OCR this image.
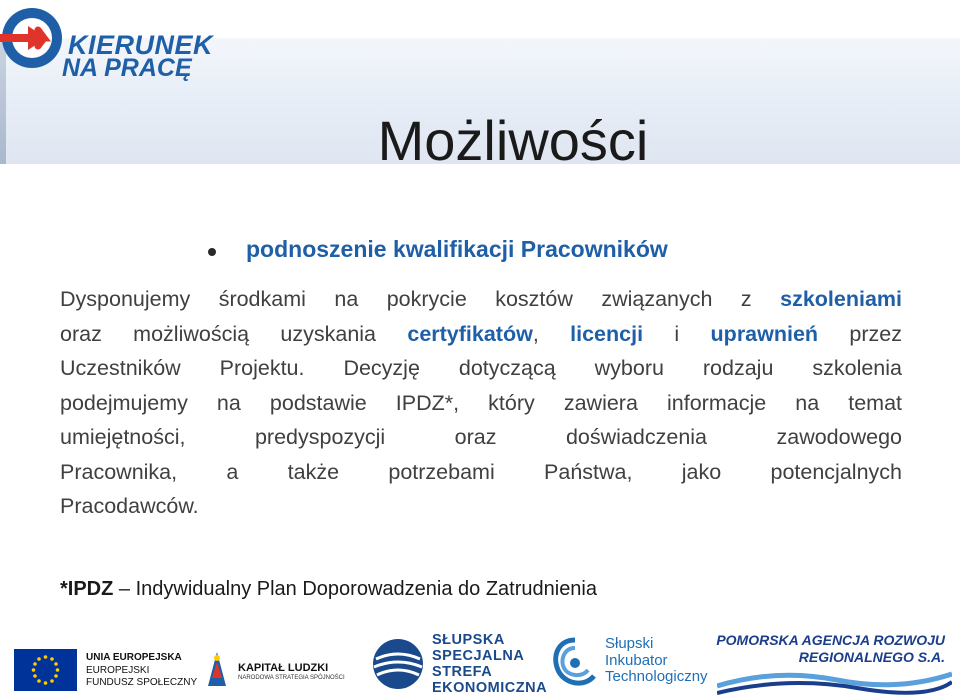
KIERUNEK
NA PRACĘ
Możliwości
podnoszenie kwalifikacji Pracowników
Dysponujemy środkami na pokrycie kosztów związanych z szkoleniami
oraz możliwością uzyskania certyfikatów, licencji i uprawnień przez
Uczestników Projektu. Decyzję dotyczącą wyboru rodzaju szkolenia
podejmujemy na podstawie IPDZ*, który zawiera informacje na temat
umiejętności, predyspozycji oraz doświadczenia zawodowego
Pracownika, a także potrzebami Państwa, jako potencjalnych
Pracodawców.
*IPDZ – Indywidualny Plan Doporowadzenia do Zatrudnienia
UNIA EUROPEJSKA
EUROPEJSKI
FUNDUSZ SPOŁECZNY
KAPITAŁ LUDZKI
NARODOWA STRATEGIA SPÓJNOŚCI
SŁUPSKA
SPECJALNA
STREFA
EKONOMICZNA
Słupski
Inkubator
Technologiczny
POMORSKA AGENCJA ROZWOJU
REGIONALNEGO S.A.
